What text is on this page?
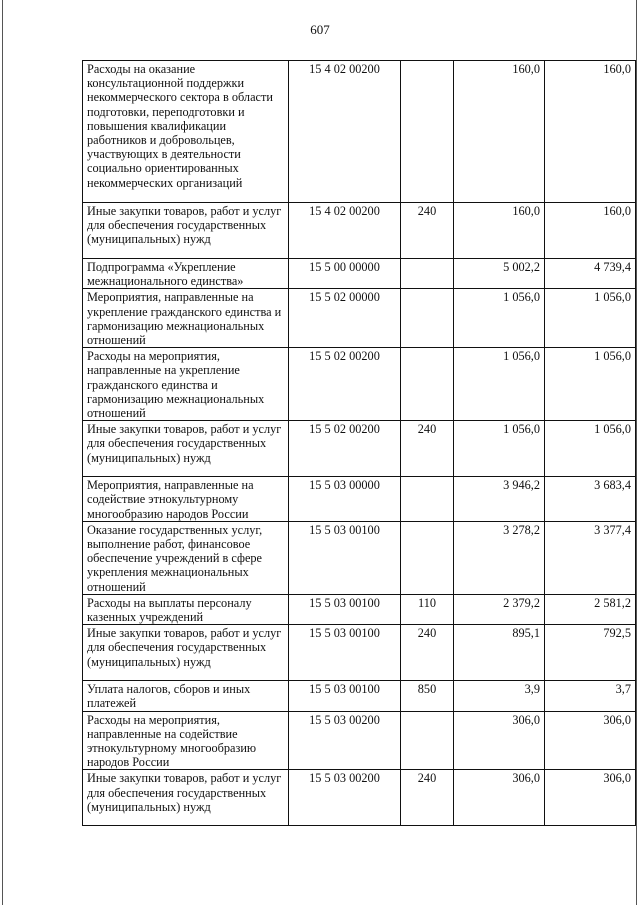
607
Расходы на оказание консультационной поддержки некоммерческого сектора в области подготовки, переподготовки и повышения квалификации работников и добровольцев, участвующих в деятельности социально ориентированных некоммерческих организаций	15 4 02 00200		160,0	160,0
Иные закупки товаров, работ и услуг для обеспечения государственных (муниципальных) нужд	15 4 02 00200	240	160,0	160,0
Подпрограмма «Укрепление межнационального единства»	15 5 00 00000		5 002,2	4 739,4
Мероприятия, направленные на укрепление гражданского единства и гармонизацию межнациональных отношений	15 5 02 00000		1 056,0	1 056,0
Расходы на мероприятия, направленные на укрепление гражданского единства и гармонизацию межнациональных отношений	15 5 02 00200		1 056,0	1 056,0
Иные закупки товаров, работ и услуг для обеспечения государственных (муниципальных) нужд	15 5 02 00200	240	1 056,0	1 056,0
Мероприятия, направленные на содействие этнокультурному многообразию народов России	15 5 03 00000		3 946,2	3 683,4
Оказание государственных услуг, выполнение работ, финансовое обеспечение учреждений в сфере укрепления межнациональных отношений	15 5 03 00100		3 278,2	3 377,4
Расходы на выплаты персоналу казенных учреждений	15 5 03 00100	110	2 379,2	2 581,2
Иные закупки товаров, работ и услуг для обеспечения государственных (муниципальных) нужд	15 5 03 00100	240	895,1	792,5
Уплата налогов, сборов и иных платежей	15 5 03 00100	850	3,9	3,7
Расходы на мероприятия, направленные на содействие этнокультурному многообразию народов России	15 5 03 00200		306,0	306,0
Иные закупки товаров, работ и услуг для обеспечения государственных (муниципальных) нужд	15 5 03 00200	240	306,0	306,0
